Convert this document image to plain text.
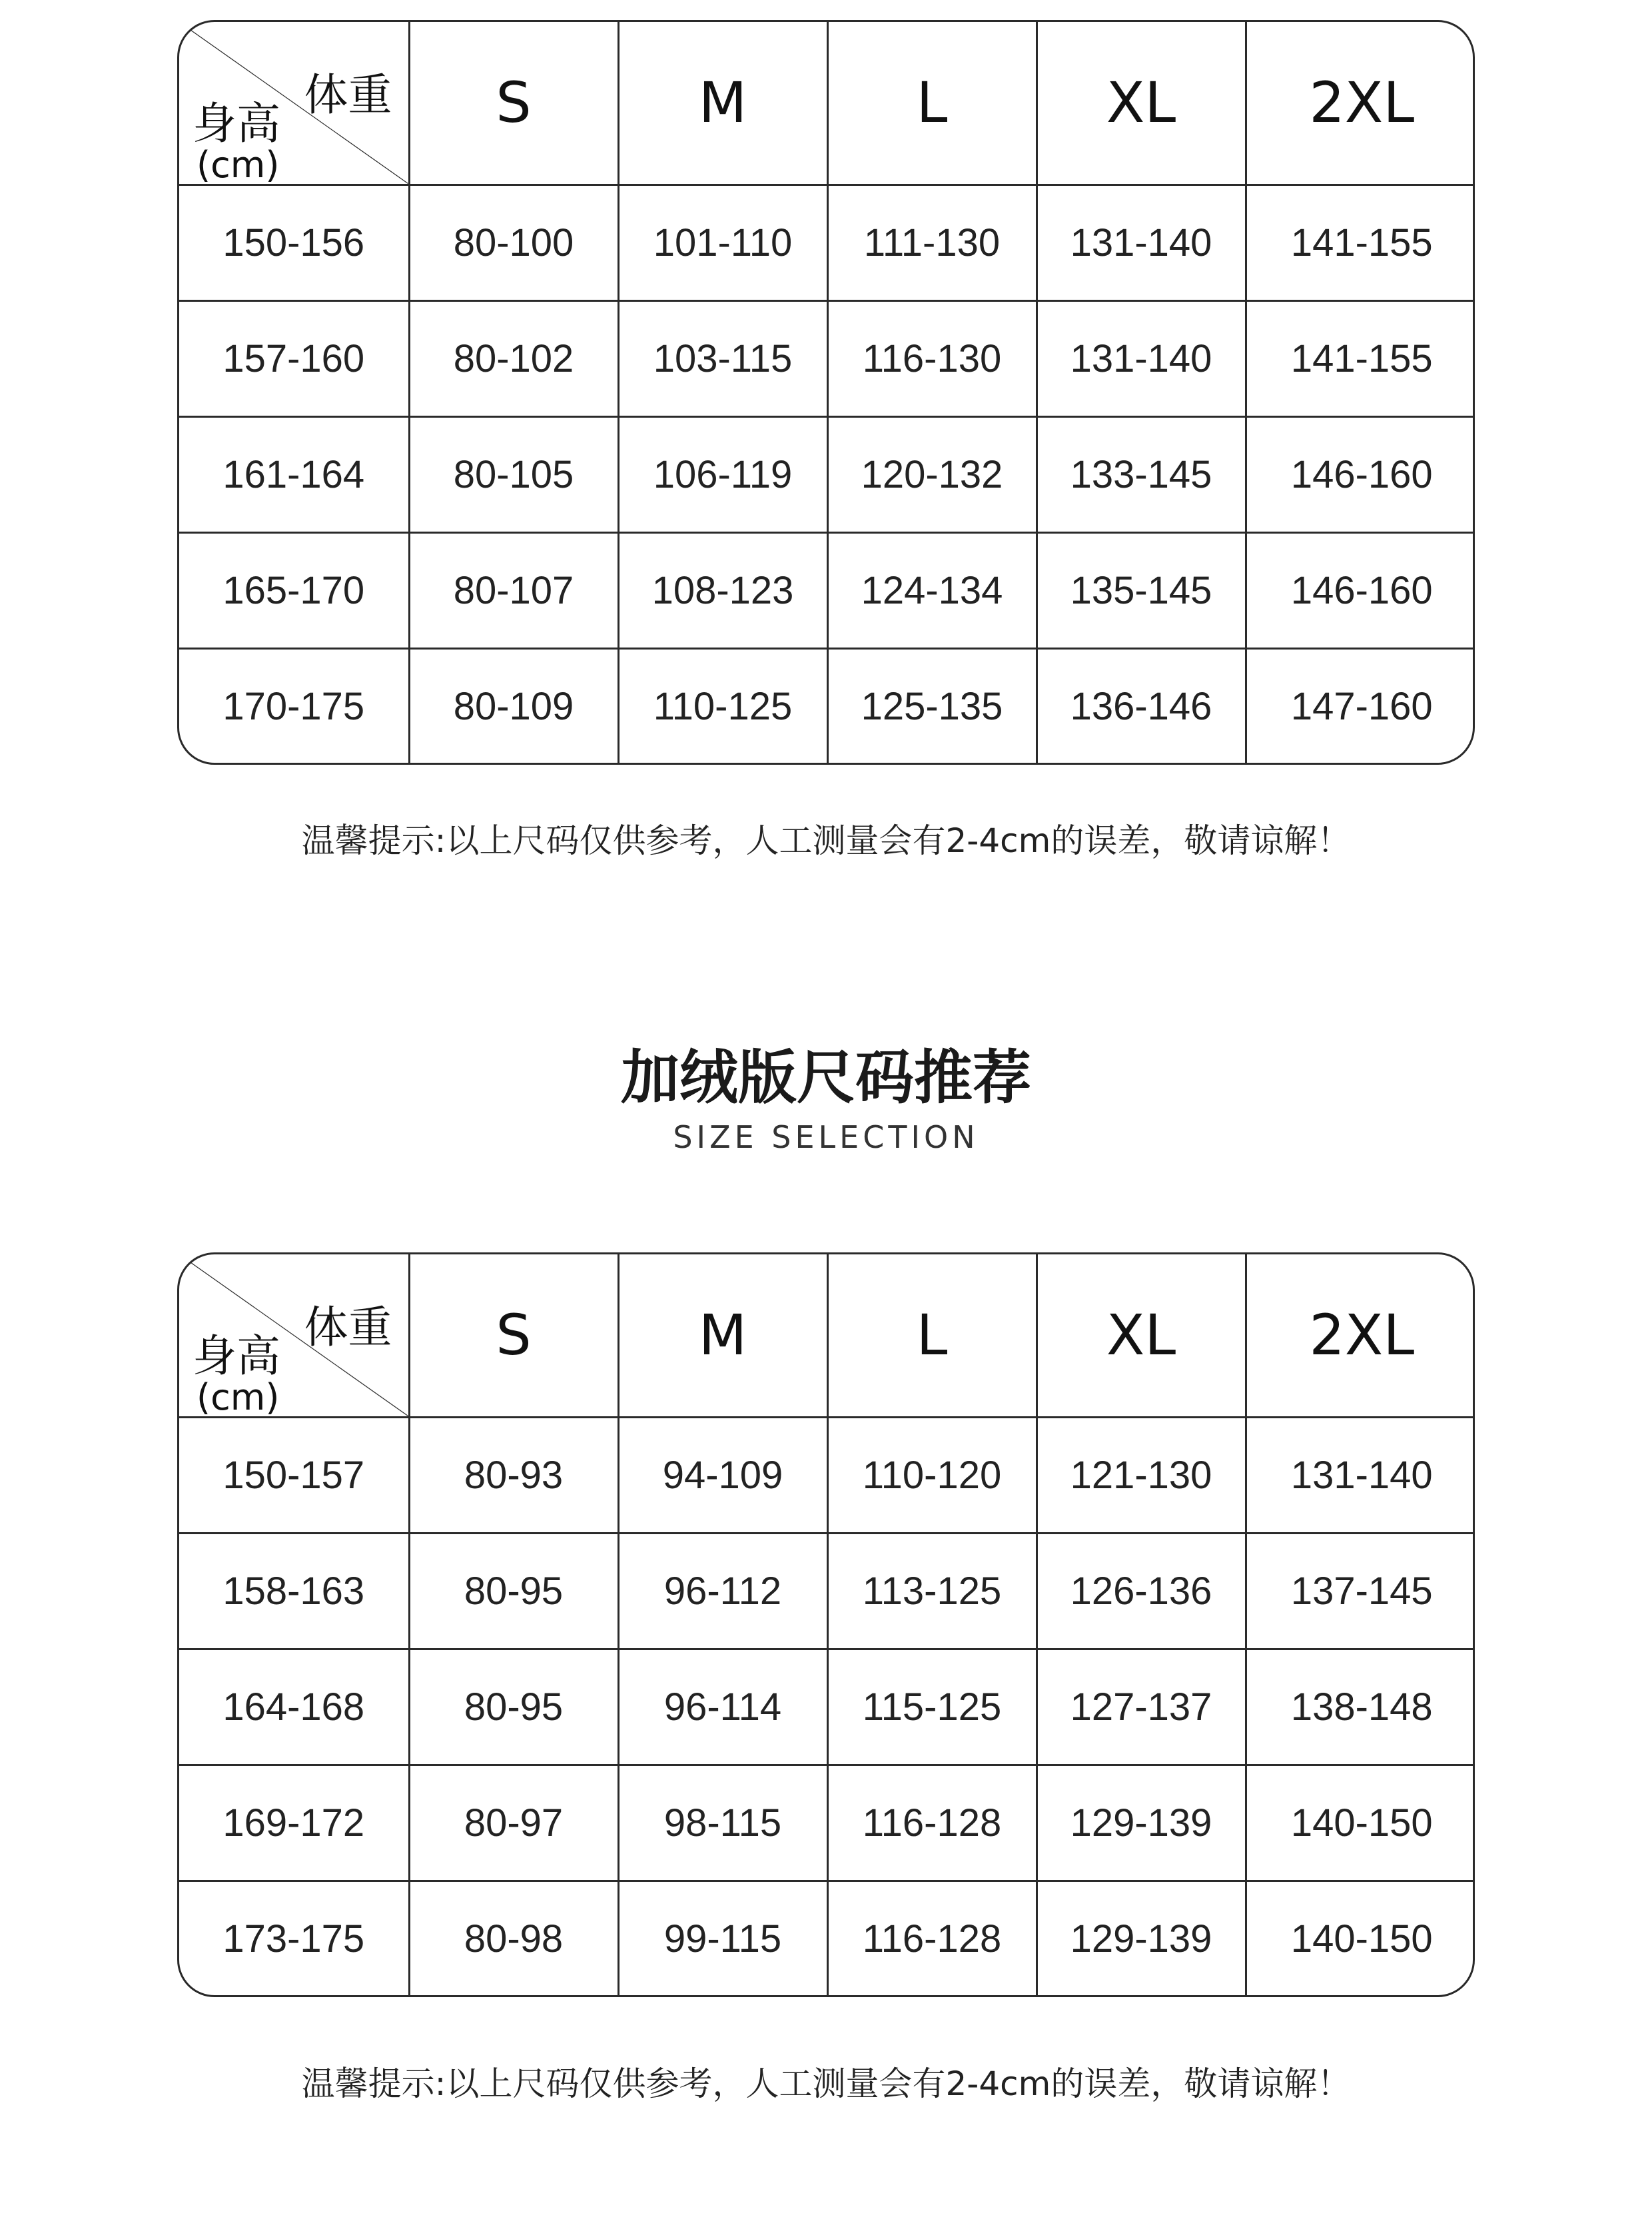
体重
身高
(cm)	S	M	L	XL	2XL
150-156	80-100	101-110	111-130	131-140	141-155
157-160	80-102	103-115	116-130	131-140	141-155
161-164	80-105	106-119	120-132	133-145	146-160
165-170	80-107	108-123	124-134	135-145	146-160
170-175	80-109	110-125	125-135	136-146	147-160
温馨提示:以上尺码仅供参考，人工测量会有2-4cm的误差，敬请谅解！
加绒版尺码推荐
SIZE SELECTION
体重
身高
(cm)	S	M	L	XL	2XL
150-157	80-93	94-109	110-120	121-130	131-140
158-163	80-95	96-112	113-125	126-136	137-145
164-168	80-95	96-114	115-125	127-137	138-148
169-172	80-97	98-115	116-128	129-139	140-150
173-175	80-98	99-115	116-128	129-139	140-150
温馨提示:以上尺码仅供参考，人工测量会有2-4cm的误差，敬请谅解！
